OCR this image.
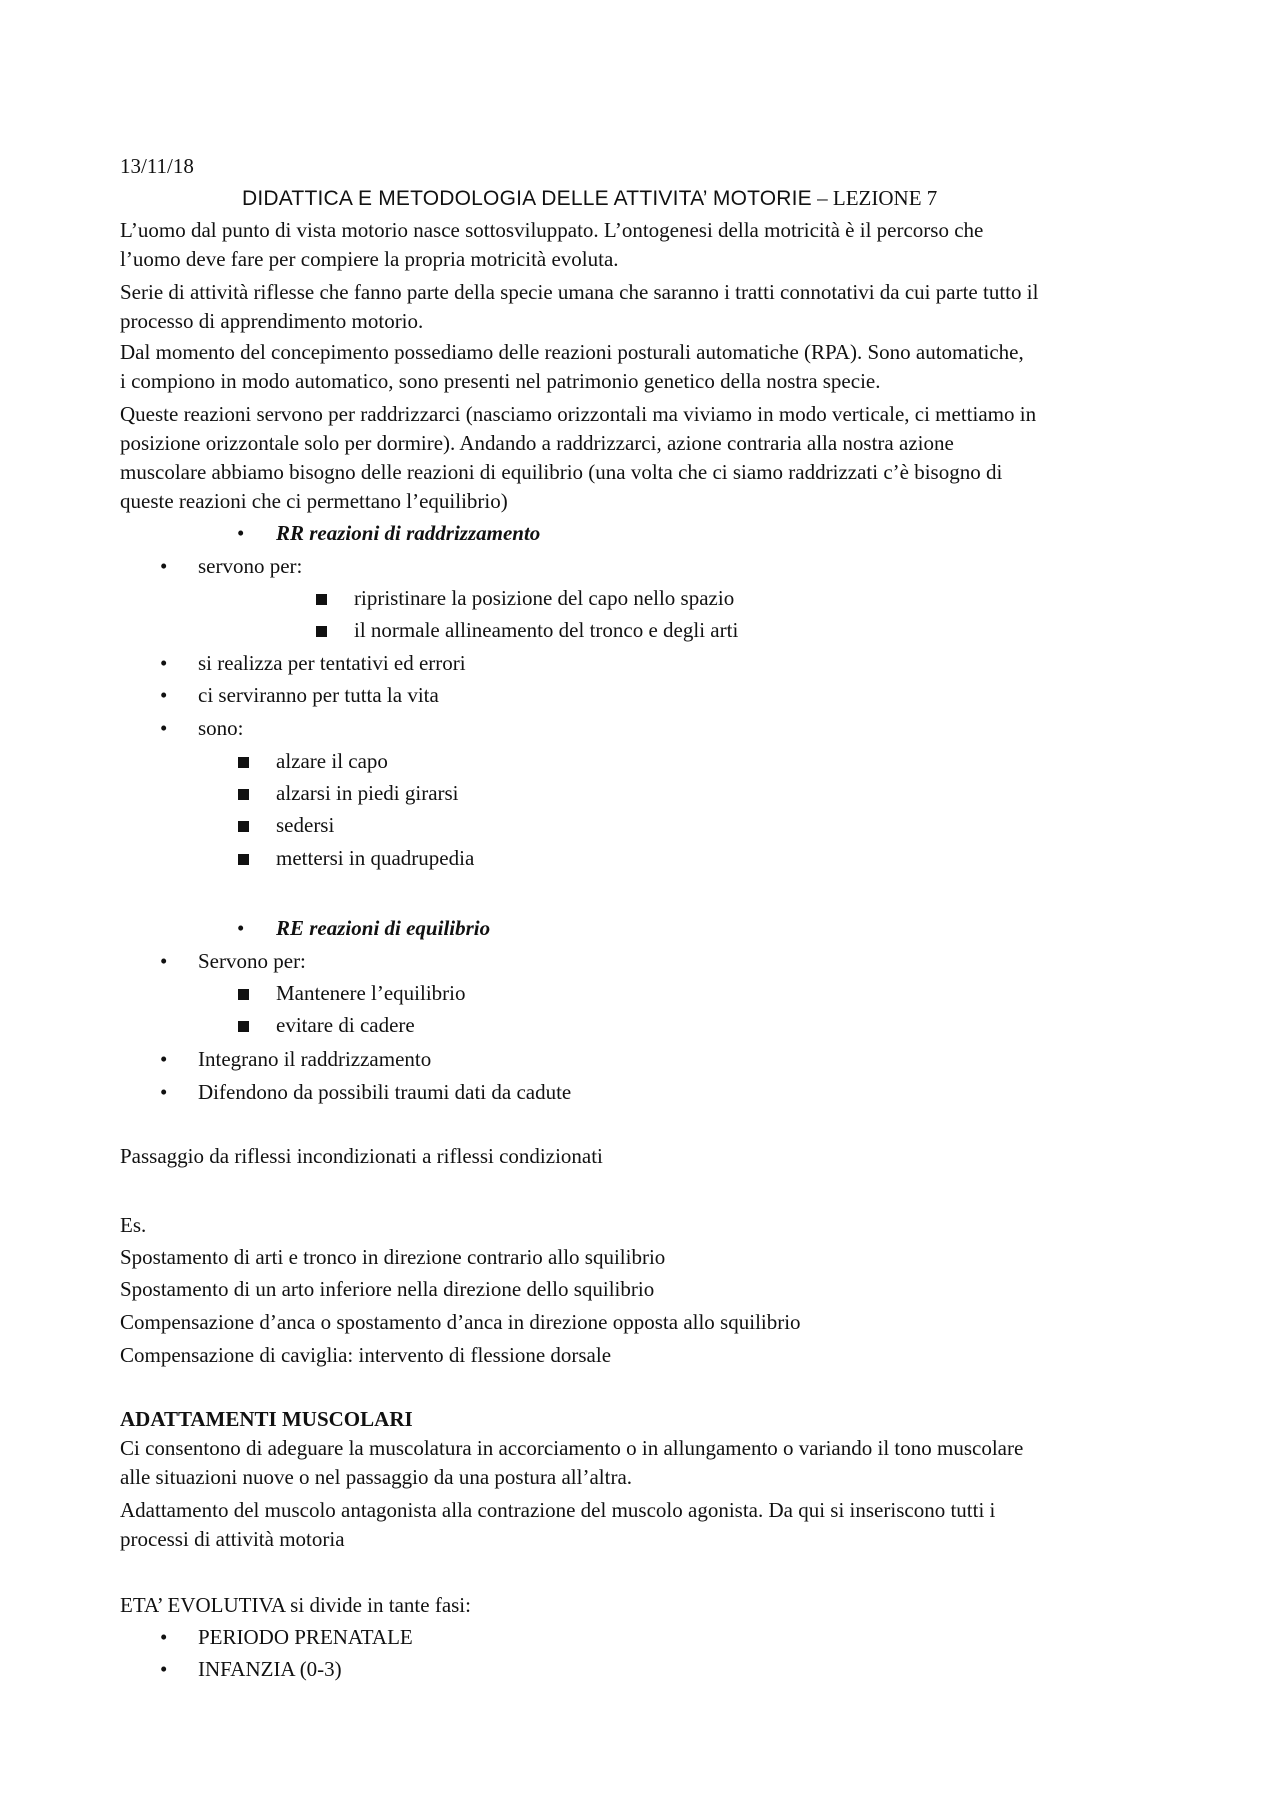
13/11/18
DIDATTICA E METODOLOGIA DELLE ATTIVITA’ MOTORIE – LEZIONE 7
L’uomo dal punto di vista motorio nasce sottosviluppato. L’ontogenesi della motricità è il percorso che
l’uomo deve fare per compiere la propria motricità evoluta.
Serie di attività riflesse che fanno parte della specie umana che saranno i tratti connotativi da cui parte tutto il
processo di apprendimento motorio.
Dal momento del concepimento possediamo delle reazioni posturali automatiche (RPA). Sono automatiche,
i compiono in modo automatico, sono presenti nel patrimonio genetico della nostra specie.
Queste reazioni servono per raddrizzarci (nasciamo orizzontali ma viviamo in modo verticale, ci mettiamo in
posizione orizzontale solo per dormire). Andando a raddrizzarci, azione contraria alla nostra azione
muscolare abbiamo bisogno delle reazioni di equilibrio (una volta che ci siamo raddrizzati c’è bisogno di
queste reazioni che ci permettano l’equilibrio)
• RR reazioni di raddrizzamento
• servono per:
ripristinare la posizione del capo nello spazio
il normale allineamento del tronco e degli arti
• si realizza per tentativi ed errori
• ci serviranno per tutta la vita
• sono:
alzare il capo
alzarsi in piedi girarsi
sedersi
mettersi in quadrupedia
• RE reazioni di equilibrio
• Servono per:
Mantenere l’equilibrio
evitare di cadere
• Integrano il raddrizzamento
• Difendono da possibili traumi dati da cadute
Passaggio da riflessi incondizionati a riflessi condizionati
Es.
Spostamento di arti e tronco in direzione contrario allo squilibrio
Spostamento di un arto inferiore nella direzione dello squilibrio
Compensazione d’anca o spostamento d’anca in direzione opposta allo squilibrio
Compensazione di caviglia: intervento di flessione dorsale
ADATTAMENTI MUSCOLARI
Ci consentono di adeguare la muscolatura in accorciamento o in allungamento o variando il tono muscolare
alle situazioni nuove o nel passaggio da una postura all’altra.
Adattamento del muscolo antagonista alla contrazione del muscolo agonista. Da qui si inseriscono tutti i
processi di attività motoria
ETA’ EVOLUTIVA si divide in tante fasi:
• PERIODO PRENATALE
• INFANZIA (0-3)
